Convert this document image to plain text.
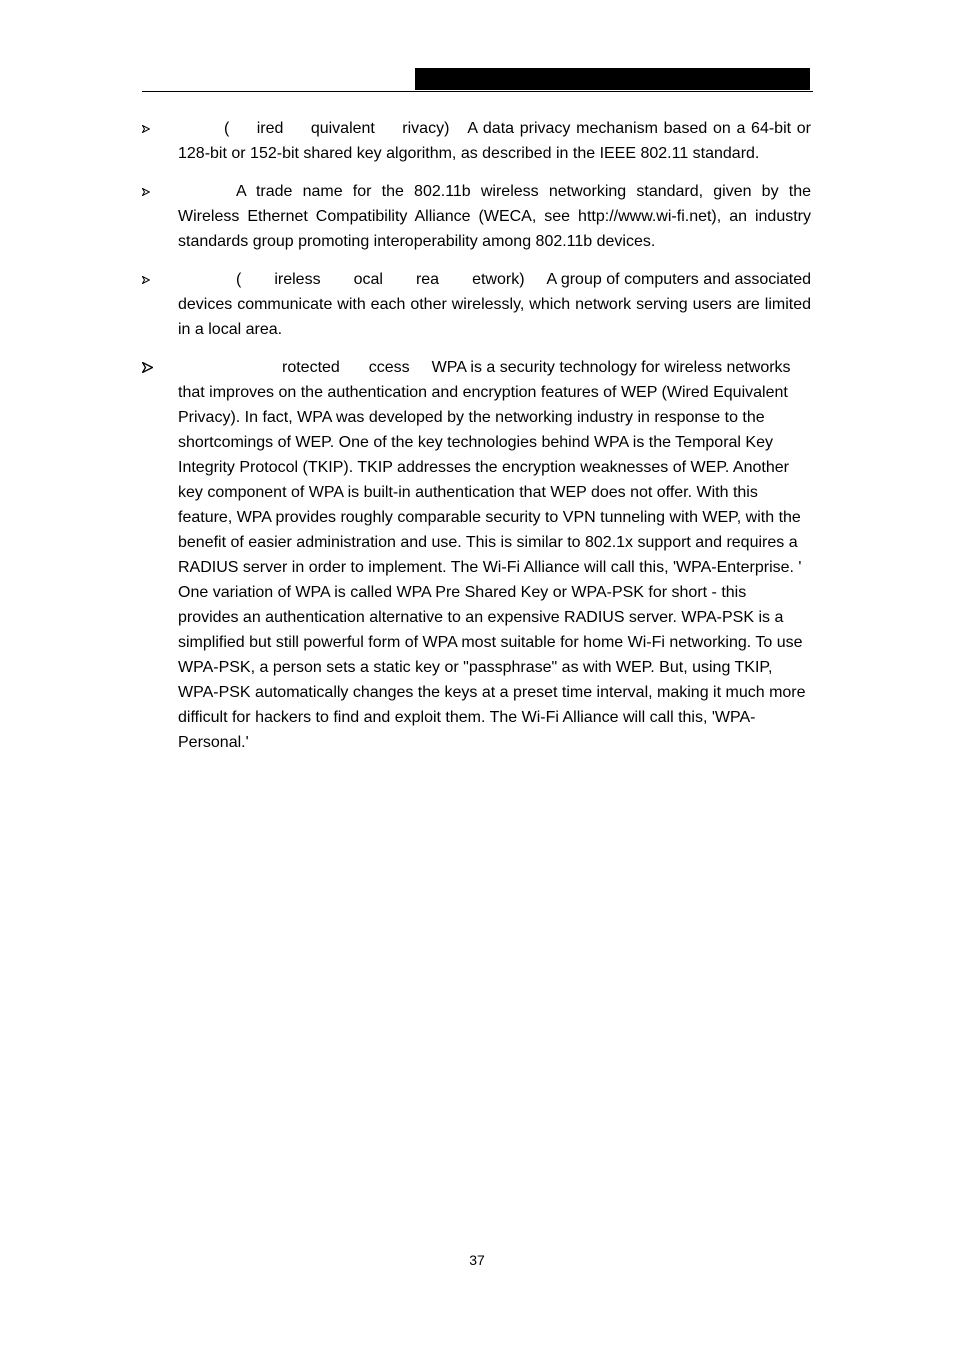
(  ired  quivalent  rivacy) A data privacy mechanism based on a 64-bit or 128-bit or 152-bit shared key algorithm, as described in the IEEE 802.11 standard.
A trade name for the 802.11b wireless networking standard, given by the Wireless Ethernet Compatibility Alliance (WECA, see http://www.wi-fi.net), an industry standards group promoting interoperability among 802.11b devices.
(  ireless  ocal  rea  etwork) A group of computers and associated devices communicate with each other wirelessly, which network serving users are limited in a local area.
rotected  ccess WPA is a security technology for wireless networks that improves on the authentication and encryption features of WEP (Wired Equivalent Privacy). In fact, WPA was developed by the networking industry in response to the shortcomings of WEP. One of the key technologies behind WPA is the Temporal Key Integrity Protocol (TKIP). TKIP addresses the encryption weaknesses of WEP. Another key component of WPA is built-in authentication that WEP does not offer. With this feature, WPA provides roughly comparable security to VPN tunneling with WEP, with the benefit of easier administration and use. This is similar to 802.1x support and requires a RADIUS server in order to implement. The Wi-Fi Alliance will call this, 'WPA-Enterprise. ' One variation of WPA is called WPA Pre Shared Key or WPA-PSK for short - this provides an authentication alternative to an expensive RADIUS server. WPA-PSK is a simplified but still powerful form of WPA most suitable for home Wi-Fi networking. To use WPA-PSK, a person sets a static key or "passphrase" as with WEP. But, using TKIP, WPA-PSK automatically changes the keys at a preset time interval, making it much more difficult for hackers to find and exploit them. The Wi-Fi Alliance will call this, 'WPA-Personal.'
37
